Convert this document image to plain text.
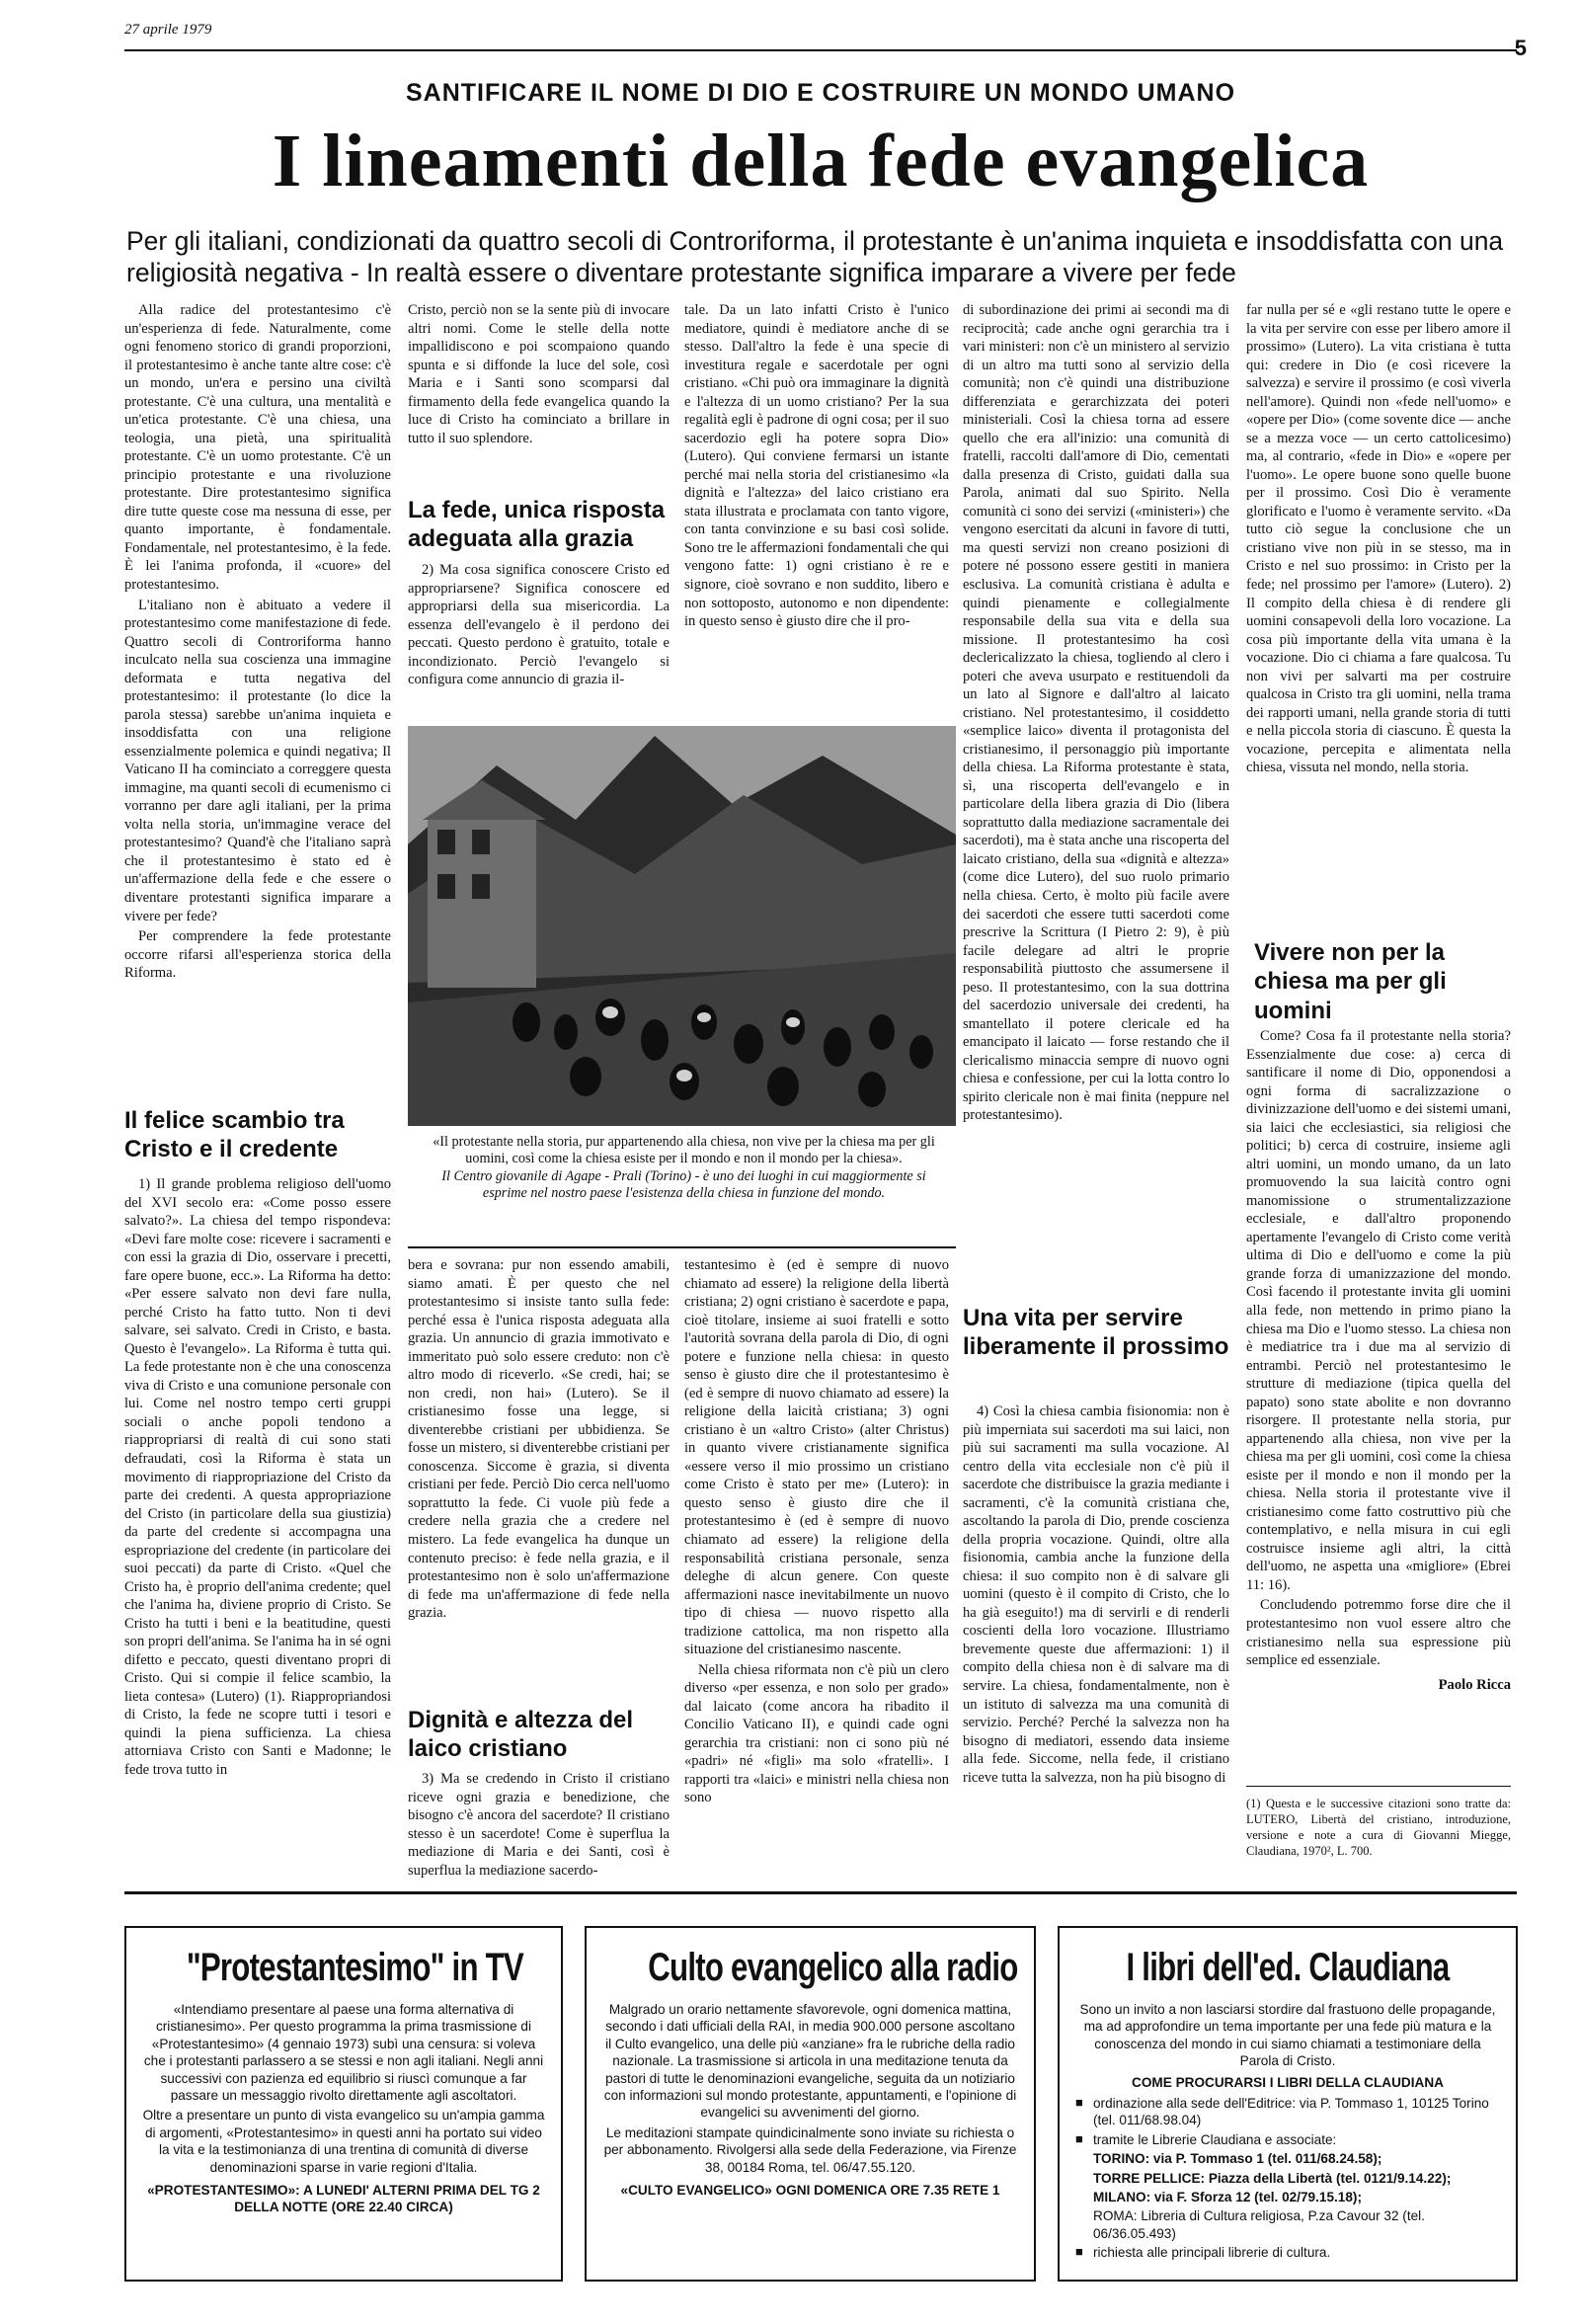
27 aprile 1979
5
SANTIFICARE IL NOME DI DIO E COSTRUIRE UN MONDO UMANO
I lineamenti della fede evangelica
Per gli italiani, condizionati da quattro secoli di Controriforma, il protestante è un'anima inquieta e insoddisfatta con una religiosità negativa - In realtà essere o diventare protestante significa imparare a vivere per fede

Alla radice del protestantesimo c'è un'esperienza di fede. Naturalmente, come ogni fenomeno storico di grandi proporzioni, il protestantesimo è anche tante altre cose: c'è un mondo, un'era e persino una civiltà protestante. C'è una cultura, una mentalità e un'etica protestante. C'è una chiesa, una teologia, una pietà, una spiritualità protestante. C'è un uomo protestante. C'è un principio protestante e una rivoluzione protestante. Dire protestantesimo significa dire tutte queste cose ma nessuna di esse, per quanto importante, è fondamentale. Fondamentale, nel protestantesimo, è la fede. È lei l'anima profonda, il «cuore» del protestantesimo.

L'italiano non è abituato a vedere il protestantesimo come manifestazione di fede. Quattro secoli di Controriforma hanno inculcato nella sua coscienza una immagine deformata e tutta negativa del protestantesimo: il protestante (lo dice la parola stessa) sarebbe un'anima inquieta e insoddisfatta con una religione essenzialmente polemica e quindi negativa; Il Vaticano II ha cominciato a correggere questa immagine, ma quanti secoli di ecumenismo ci vorranno per dare agli italiani, per la prima volta nella storia, un'immagine verace del protestantesimo? Quand'è che l'italiano saprà che il protestantesimo è stato ed è un'affermazione della fede e che essere o diventare protestanti significa imparare a vivere per fede?

Per comprendere la fede protestante occorre rifarsi all'esperienza storica della Riforma.

Il felice scambio tra Cristo e il credente

1) Il grande problema religioso dell'uomo del XVI secolo era: «Come posso essere salvato?». La chiesa del tempo rispondeva: «Devi fare molte cose: ricevere i sacramenti e con essi la grazia di Dio, osservare i precetti, fare opere buone, ecc.». La Riforma ha detto: «Per essere salvato non devi fare nulla, perché Cristo ha fatto tutto. Non ti devi salvare, sei salvato. Credi in Cristo, e basta. Questo è l'evangelo». La Riforma è tutta qui. La fede protestante non è che una conoscenza viva di Cristo e una comunione personale con lui. Come nel nostro tempo certi gruppi sociali o anche popoli tendono a riappropriarsi di realtà di cui sono stati defraudati, così la Riforma è stata un movimento di riappropriazione del Cristo da parte dei credenti. A questa appropriazione del Cristo (in particolare della sua giustizia) da parte del credente si accompagna una espropriazione del credente (in particolare dei suoi peccati) da parte di Cristo. «Quel che Cristo ha, è proprio dell'anima credente; quel che l'anima ha, diviene proprio di Cristo. Se Cristo ha tutti i beni e la beatitudine, questi son propri dell'anima. Se l'anima ha in sé ogni difetto e peccato, questi diventano propri di Cristo. Qui si compie il felice scambio, la lieta contesa» (Lutero) (1). Riappropriandosi di Cristo, la fede ne scopre tutti i tesori e quindi la piena sufficienza. La chiesa attorniava Cristo con Santi e Madonne; le fede trova tutto in

Cristo, perciò non se la sente più di invocare altri nomi. Come le stelle della notte impallidiscono e poi scompaiono quando spunta e si diffonde la luce del sole, così Maria e i Santi sono scomparsi dal firmamento della fede evangelica quando la luce di Cristo ha cominciato a brillare in tutto il suo splendore.

La fede, unica risposta adeguata alla grazia

2) Ma cosa significa conoscere Cristo ed appropriarsene? Significa conoscere ed appropriarsi della sua misericordia. La essenza dell'evangelo è il perdono dei peccati. Questo perdono è gratuito, totale e incondizionato. Perciò l'evangelo si configura come annuncio di grazia il-

tale. Da un lato infatti Cristo è l'unico mediatore, quindi è mediatore anche di se stesso. Dall'altro la fede è una specie di investitura regale e sacerdotale per ogni cristiano. «Chi può ora immaginare la dignità e l'altezza di un uomo cristiano? Per la sua regalità egli è padrone di ogni cosa; per il suo sacerdozio egli ha potere sopra Dio» (Lutero). Qui conviene fermarsi un istante perché mai nella storia del cristianesimo «la dignità e l'altezza» del laico cristiano era stata illustrata e proclamata con tanto vigore, con tanta convinzione e su basi così solide. Sono tre le affermazioni fondamentali che qui vengono fatte: 1) ogni cristiano è re e signore, cioè sovrano e non suddito, libero e non sottoposto, autonomo e non dipendente: in questo senso è giusto dire che il pro-

«Il protestante nella storia, pur appartenendo alla chiesa, non vive per la chiesa ma per gli uomini, così come la chiesa esiste per il mondo e non il mondo per la chiesa».
Il Centro giovanile di Agape - Prali (Torino) - è uno dei luoghi in cui maggiormente si esprime nel nostro paese l'esistenza della chiesa in funzione del mondo.

bera e sovrana: pur non essendo amabili, siamo amati. È per questo che nel protestantesimo si insiste tanto sulla fede: perché essa è l'unica risposta adeguata alla grazia. Un annuncio di grazia immotivato e immeritato può solo essere creduto: non c'è altro modo di riceverlo. «Se credi, hai; se non credi, non hai» (Lutero). Se il cristianesimo fosse una legge, si diventerebbe cristiani per ubbidienza. Se fosse un mistero, si diventerebbe cristiani per conoscenza. Siccome è grazia, si diventa cristiani per fede. Perciò Dio cerca nell'uomo soprattutto la fede. Ci vuole più fede a credere nella grazia che a credere nel mistero. La fede evangelica ha dunque un contenuto preciso: è fede nella grazia, e il protestantesimo non è solo un'affermazione di fede ma un'affermazione di fede nella grazia.

Dignità e altezza del laico cristiano

3) Ma se credendo in Cristo il cristiano riceve ogni grazia e benedizione, che bisogno c'è ancora del sacerdote? Il cristiano stesso è un sacerdote! Come è superflua la mediazione di Maria e dei Santi, così è superflua la mediazione sacerdo-

testantesimo è (ed è sempre di nuovo chiamato ad essere) la religione della libertà cristiana; 2) ogni cristiano è sacerdote e papa, cioè titolare, insieme ai suoi fratelli e sotto l'autorità sovrana della parola di Dio, di ogni potere e funzione nella chiesa: in questo senso è giusto dire che il protestantesimo è (ed è sempre di nuovo chiamato ad essere) la religione della laicità cristiana; 3) ogni cristiano è un «altro Cristo» (alter Christus) in quanto vivere cristianamente significa «essere verso il mio prossimo un cristiano come Cristo è stato per me» (Lutero): in questo senso è giusto dire che il protestantesimo è (ed è sempre di nuovo chiamato ad essere) la religione della responsabilità cristiana personale, senza deleghe di alcun genere. Con queste affermazioni nasce inevitabilmente un nuovo tipo di chiesa — nuovo rispetto alla tradizione cattolica, ma non rispetto alla situazione del cristianesimo nascente.

Nella chiesa riformata non c'è più un clero diverso «per essenza, e non solo per grado» dal laicato (come ancora ha ribadito il Concilio Vaticano II), e quindi cade ogni gerarchia tra cristiani: non ci sono più né «padri» né «figli» ma solo «fratelli». I rapporti tra «laici» e ministri nella chiesa non sono

di subordinazione dei primi ai secondi ma di reciprocità; cade anche ogni gerarchia tra i vari ministeri: non c'è un ministero al servizio di un altro ma tutti sono al servizio della comunità; non c'è quindi una distribuzione differenziata e gerarchizzata dei poteri ministeriali. Così la chiesa torna ad essere quello che era all'inizio: una comunità di fratelli, raccolti dall'amore di Dio, cementati dalla presenza di Cristo, guidati dalla sua Parola, animati dal suo Spirito. Nella comunità ci sono dei servizi («ministeri») che vengono esercitati da alcuni in favore di tutti, ma questi servizi non creano posizioni di potere né possono essere gestiti in maniera esclusiva. La comunità cristiana è adulta e quindi pienamente e collegialmente responsabile della sua vita e della sua missione. Il protestantesimo ha così declericalizzato la chiesa, togliendo al clero i poteri che aveva usurpato e restituendoli da un lato al Signore e dall'altro al laicato cristiano. Nel protestantesimo, il cosiddetto «semplice laico» diventa il protagonista del cristianesimo, il personaggio più importante della chiesa. La Riforma protestante è stata, sì, una riscoperta dell'evangelo e in particolare della libera grazia di Dio (libera soprattutto dalla mediazione sacramentale dei sacerdoti), ma è stata anche una riscoperta del laicato cristiano, della sua «dignità e altezza» (come dice Lutero), del suo ruolo primario nella chiesa. Certo, è molto più facile avere dei sacerdoti che essere tutti sacerdoti come prescrive la Scrittura (I Pietro 2: 9), è più facile delegare ad altri le proprie responsabilità piuttosto che assumersene il peso. Il protestantesimo, con la sua dottrina del sacerdozio universale dei credenti, ha smantellato il potere clericale ed ha emancipato il laicato — forse restando che il clericalismo minaccia sempre di nuovo ogni chiesa e confessione, per cui la lotta contro lo spirito clericale non è mai finita (neppure nel protestantesimo).

Una vita per servire liberamente il prossimo

4) Così la chiesa cambia fisionomia: non è più imperniata sui sacerdoti ma sui laici, non più sui sacramenti ma sulla vocazione. Al centro della vita ecclesiale non c'è più il sacerdote che distribuisce la grazia mediante i sacramenti, c'è la comunità cristiana che, ascoltando la parola di Dio, prende coscienza della propria vocazione. Quindi, oltre alla fisionomia, cambia anche la funzione della chiesa: il suo compito non è di salvare gli uomini (questo è il compito di Cristo, che lo ha già eseguito!) ma di servirli e di renderli coscienti della loro vocazione. Illustriamo brevemente queste due affermazioni: 1) il compito della chiesa non è di salvare ma di servire. La chiesa, fondamentalmente, non è un istituto di salvezza ma una comunità di servizio. Perché? Perché la salvezza non ha bisogno di mediatori, essendo data insieme alla fede. Siccome, nella fede, il cristiano riceve tutta la salvezza, non ha più bisogno di

far nulla per sé e «gli restano tutte le opere e la vita per servire con esse per libero amore il prossimo» (Lutero). La vita cristiana è tutta qui: credere in Dio (e così ricevere la salvezza) e servire il prossimo (e così viverla nell'amore). Quindi non «fede nell'uomo» e «opere per Dio» (come sovente dice — anche se a mezza voce — un certo cattolicesimo) ma, al contrario, «fede in Dio» e «opere per l'uomo». Le opere buone sono quelle buone per il prossimo. Così Dio è veramente glorificato e l'uomo è veramente servito. «Da tutto ciò segue la conclusione che un cristiano vive non più in se stesso, ma in Cristo e nel suo prossimo: in Cristo per la fede; nel prossimo per l'amore» (Lutero). 2) Il compito della chiesa è di rendere gli uomini consapevoli della loro vocazione. La cosa più importante della vita umana è la vocazione. Dio ci chiama a fare qualcosa. Tu non vivi per salvarti ma per costruire qualcosa in Cristo tra gli uomini, nella trama dei rapporti umani, nella grande storia di tutti e nella piccola storia di ciascuno. È questa la vocazione, percepita e alimentata nella chiesa, vissuta nel mondo, nella storia.

Vivere non per la chiesa ma per gli uomini

Come? Cosa fa il protestante nella storia? Essenzialmente due cose: a) cerca di santificare il nome di Dio, opponendosi a ogni forma di sacralizzazione o divinizzazione dell'uomo e dei sistemi umani, sia laici che ecclesiastici, sia religiosi che politici; b) cerca di costruire, insieme agli altri uomini, un mondo umano, da un lato promuovendo la sua laicità contro ogni manomissione o strumentalizzazione ecclesiale, e dall'altro proponendo apertamente l'evangelo di Cristo come verità ultima di Dio e dell'uomo e come la più grande forza di umanizzazione del mondo. Così facendo il protestante invita gli uomini alla fede, non mettendo in primo piano la chiesa ma Dio e l'uomo stesso. La chiesa non è mediatrice tra i due ma al servizio di entrambi. Perciò nel protestantesimo le strutture di mediazione (tipica quella del papato) sono state abolite e non dovranno risorgere. Il protestante nella storia, pur appartenendo alla chiesa, non vive per la chiesa ma per gli uomini, così come la chiesa esiste per il mondo e non il mondo per la chiesa. Nella storia il protestante vive il cristianesimo come fatto costruttivo più che contemplativo, e nella misura in cui egli costruisce insieme agli altri, la città dell'uomo, ne aspetta una «migliore» (Ebrei 11: 16).

Concludendo potremmo forse dire che il protestantesimo non vuol essere altro che cristianesimo nella sua espressione più semplice ed essenziale.

Paolo Ricca
(1) Questa e le successive citazioni sono tratte da: LUTERO, Libertà del cristiano, introduzione, versione e note a cura di Giovanni Miegge, Claudiana, 1970², L. 700.
"Protestantesimo" in TV

«Intendiamo presentare al paese una forma alternativa di cristianesimo». Per questo programma la prima trasmissione di «Protestantesimo» (4 gennaio 1973) subì una censura: si voleva che i protestanti parlassero a se stessi e non agli italiani. Negli anni successivi con pazienza ed equilibrio si riuscì comunque a far passare un messaggio rivolto direttamente agli ascoltatori.

Oltre a presentare un punto di vista evangelico su un'ampia gamma di argomenti, «Protestantesimo» in questi anni ha portato sui video la vita e la testimonianza di una trentina di comunità di diverse denominazioni sparse in varie regioni d'Italia.

«PROTESTANTESIMO»: A LUNEDI' ALTERNI PRIMA DEL TG 2 DELLA NOTTE (ORE 22.40 CIRCA)
Culto evangelico alla radio

Malgrado un orario nettamente sfavorevole, ogni domenica mattina, secondo i dati ufficiali della RAI, in media 900.000 persone ascoltano il Culto evangelico, una delle più «anziane» fra le rubriche della radio nazionale. La trasmissione si articola in una meditazione tenuta da pastori di tutte le denominazioni evangeliche, seguita da un notiziario con informazioni sul mondo protestante, appuntamenti, e l'opinione di evangelici su avvenimenti del giorno.

Le meditazioni stampate quindicinalmente sono inviate su richiesta o per abbonamento. Rivolgersi alla sede della Federazione, via Firenze 38, 00184 Roma, tel. 06/47.55.120.

«CULTO EVANGELICO» OGNI DOMENICA ORE 7.35 RETE 1
I libri dell'ed. Claudiana

Sono un invito a non lasciarsi stordire dal frastuono delle propagande, ma ad approfondire un tema importante per una fede più matura e la conoscenza del mondo in cui siamo chiamati a testimoniare della Parola di Cristo.

COME PROCURARSI I LIBRI DELLA CLAUDIANA
■ ordinazione alla sede dell'Editrice: via P. Tommaso 1, 10125 Torino (tel. 011/68.98.04)
■ tramite le Librerie Claudiana e associate:
TORINO: via P. Tommaso 1 (tel. 011/68.24.58);
TORRE PELLICE: Piazza della Libertà (tel. 0121/9.14.22);
MILANO: via F. Sforza 12 (tel. 02/79.15.18);
ROMA: Libreria di Cultura religiosa, P.za Cavour 32 (tel. 06/36.05.493)
■ richiesta alle principali librerie di cultura.
